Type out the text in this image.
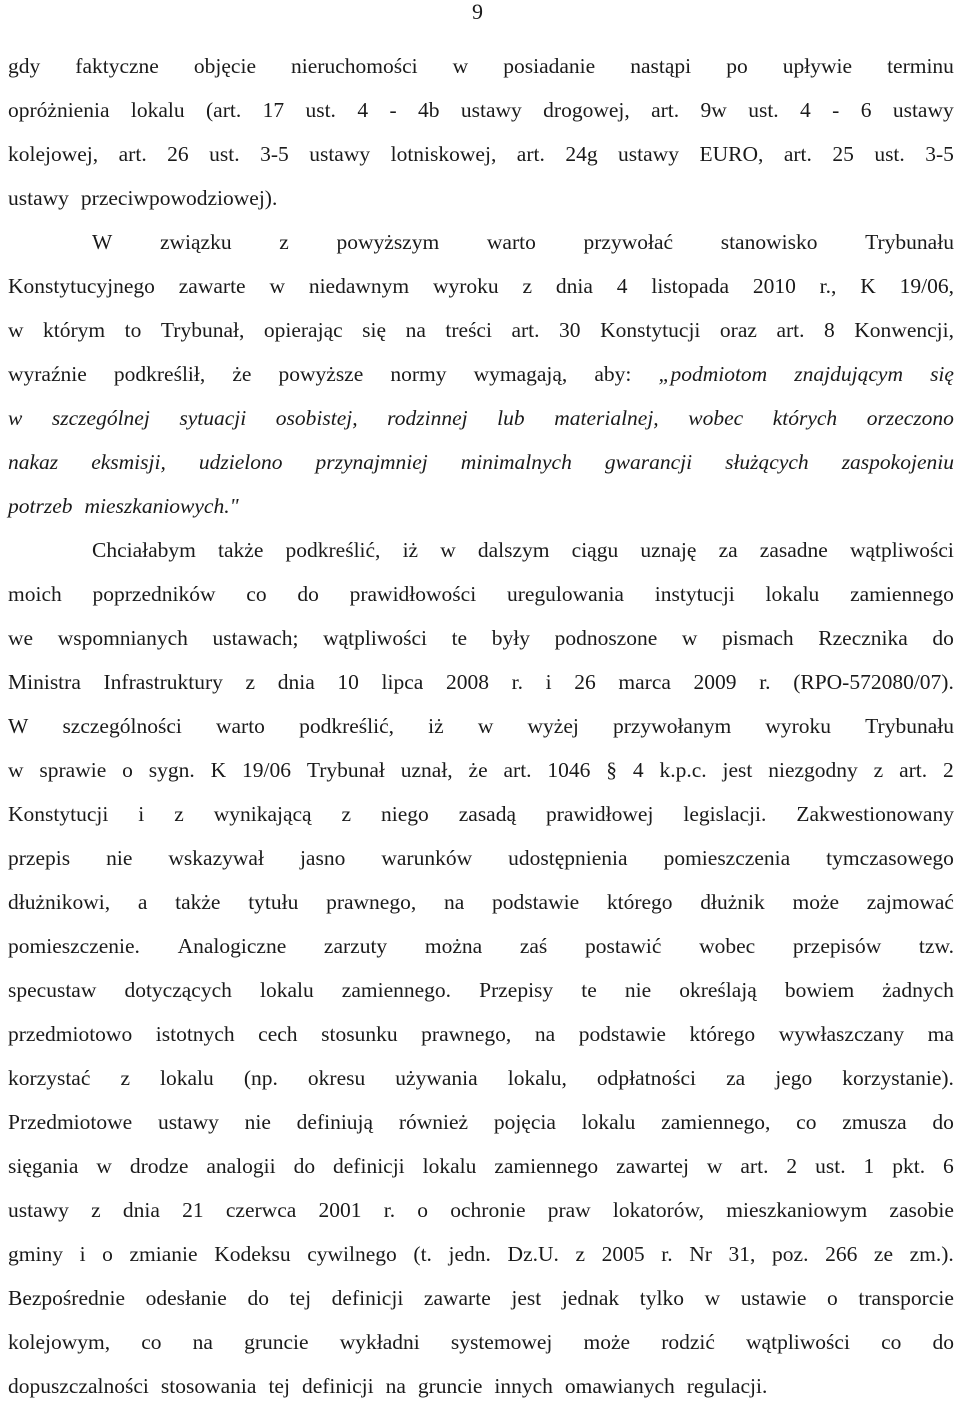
9
gdy faktyczne objęcie nieruchomości w posiadanie nastąpi po upływie terminu
opróżnienia lokalu (art. 17 ust. 4 - 4b ustawy drogowej, art. 9w ust. 4 - 6 ustawy
kolejowej, art. 26 ust. 3-5 ustawy lotniskowej, art. 24g ustawy EURO, art. 25 ust. 3-5
ustawy przeciwpowodziowej).
W związku z powyższym warto przywołać stanowisko Trybunału
Konstytucyjnego zawarte w niedawnym wyroku z dnia 4 listopada 2010 r., K 19/06,
w którym to Trybunał, opierając się na treści art. 30 Konstytucji oraz art. 8 Konwencji,
wyraźnie podkreślił, że powyższe normy wymagają, aby: „podmiotom znajdującym się
w szczególnej sytuacji osobistej, rodzinnej lub materialnej, wobec których orzeczono
nakaz eksmisji, udzielono przynajmniej minimalnych gwarancji służących zaspokojeniu
potrzeb mieszkaniowych."
Chciałabym także podkreślić, iż w dalszym ciągu uznaję za zasadne wątpliwości
moich poprzedników co do prawidłowości uregulowania instytucji lokalu zamiennego
we wspomnianych ustawach; wątpliwości te były podnoszone w pismach Rzecznika do
Ministra Infrastruktury z dnia 10 lipca 2008 r. i 26 marca 2009 r. (RPO-572080/07).
W szczególności warto podkreślić, iż w wyżej przywołanym wyroku Trybunału
w sprawie o sygn. K 19/06 Trybunał uznał, że art. 1046 § 4 k.p.c. jest niezgodny z art. 2
Konstytucji i z wynikającą z niego zasadą prawidłowej legislacji. Zakwestionowany
przepis nie wskazywał jasno warunków udostępnienia pomieszczenia tymczasowego
dłużnikowi, a także tytułu prawnego, na podstawie którego dłużnik może zajmować
pomieszczenie. Analogiczne zarzuty można zaś postawić wobec przepisów tzw.
specustaw dotyczących lokalu zamiennego. Przepisy te nie określają bowiem żadnych
przedmiotowo istotnych cech stosunku prawnego, na podstawie którego wywłaszczany ma
korzystać z lokalu (np. okresu używania lokalu, odpłatności za jego korzystanie).
Przedmiotowe ustawy nie definiują również pojęcia lokalu zamiennego, co zmusza do
sięgania w drodze analogii do definicji lokalu zamiennego zawartej w art. 2 ust. 1 pkt. 6
ustawy z dnia 21 czerwca 2001 r. o ochronie praw lokatorów, mieszkaniowym zasobie
gminy i o zmianie Kodeksu cywilnego (t. jedn. Dz.U. z 2005 r. Nr 31, poz. 266 ze zm.).
Bezpośrednie odesłanie do tej definicji zawarte jest jednak tylko w ustawie o transporcie
kolejowym, co na gruncie wykładni systemowej może rodzić wątpliwości co do
dopuszczalności stosowania tej definicji na gruncie innych omawianych regulacji.
